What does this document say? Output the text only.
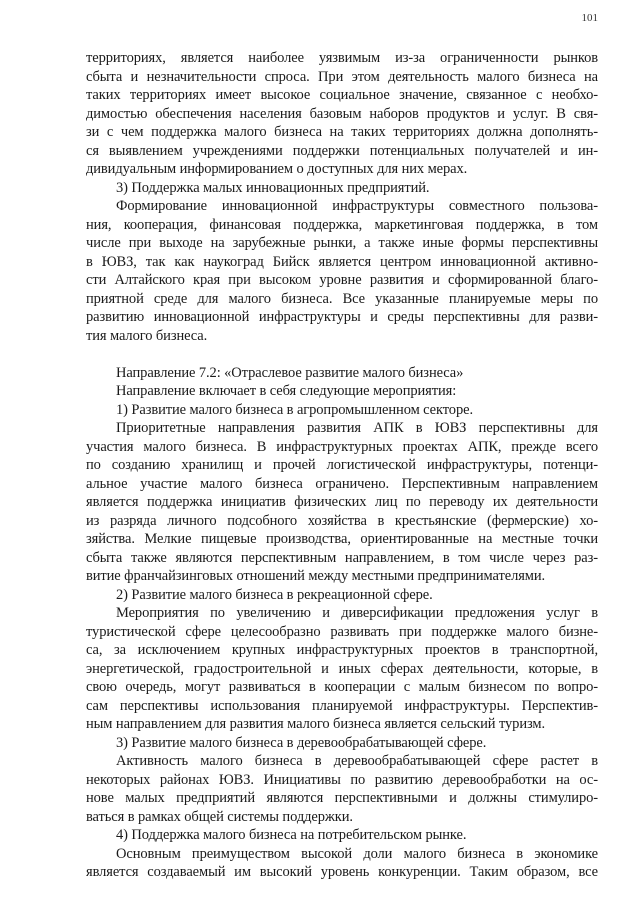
101
территориях, является наиболее уязвимым из-за ограниченности рынков
сбыта и незначительности спроса. При этом деятельность малого бизнеса на
таких территориях имеет высокое социальное значение, связанное с необхо-
димостью обеспечения населения базовым наборов продуктов и услуг. В свя-
зи с чем поддержка малого бизнеса на таких территориях должна дополнять-
ся выявлением учреждениями поддержки потенциальных получателей и ин-
дивидуальным информированием о доступных для них мерах.
3) Поддержка малых инновационных предприятий.
Формирование инновационной инфраструктуры совместного пользова-
ния, кооперация, финансовая поддержка, маркетинговая поддержка, в том
числе при выходе на зарубежные рынки, а также иные формы перспективны
в ЮВЗ, так как наукоград Бийск является центром инновационной активно-
сти Алтайского края при высоком уровне развития и сформированной благо-
приятной среде для малого бизнеса. Все указанные планируемые меры по
развитию инновационной инфраструктуры и среды перспективны для разви-
тия малого бизнеса.
Направление 7.2: «Отраслевое развитие малого бизнеса»
Направление включает в себя следующие мероприятия:
1) Развитие малого бизнеса в агропромышленном секторе.
Приоритетные направления развития АПК в ЮВЗ перспективны для
участия малого бизнеса. В инфраструктурных проектах АПК, прежде всего
по созданию хранилищ и прочей логистической инфраструктуры, потенци-
альное участие малого бизнеса ограничено. Перспективным направлением
является поддержка инициатив физических лиц по переводу их деятельности
из разряда личного подсобного хозяйства в крестьянские (фермерские) хо-
зяйства. Мелкие пищевые производства, ориентированные на местные точки
сбыта также являются перспективным направлением, в том числе через раз-
витие франчайзинговых отношений между местными предпринимателями.
2) Развитие малого бизнеса в рекреационной сфере.
Мероприятия по увеличению и диверсификации предложения услуг в
туристической сфере целесообразно развивать при поддержке малого бизне-
са, за исключением крупных инфраструктурных проектов в транспортной,
энергетической, градостроительной и иных сферах деятельности, которые, в
свою очередь, могут развиваться в кооперации с малым бизнесом по вопро-
сам перспективы использования планируемой инфраструктуры. Перспектив-
ным направлением для развития малого бизнеса является сельский туризм.
3) Развитие малого бизнеса в деревообрабатывающей сфере.
Активность малого бизнеса в деревообрабатывающей сфере растет в
некоторых районах ЮВЗ. Инициативы по развитию деревообработки на ос-
нове малых предприятий являются перспективными и должны стимулиро-
ваться в рамках общей системы поддержки.
4) Поддержка малого бизнеса на потребительском рынке.
Основным преимуществом высокой доли малого бизнеса в экономике
является создаваемый им высокий уровень конкуренции. Таким образом, все
